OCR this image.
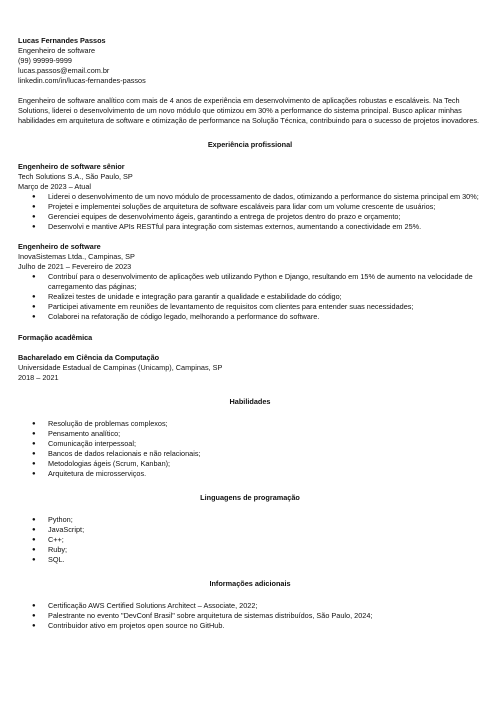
Lucas Fernandes Passos
Engenheiro de software
(99) 99999-9999
lucas.passos@email.com.br
linkedin.com/in/lucas-fernandes-passos
Engenheiro de software analítico com mais de 4 anos de experiência em desenvolvimento de aplicações robustas e escaláveis. Na Tech Solutions, liderei o desenvolvimento de um novo módulo que otimizou em 30% a performance do sistema principal. Busco aplicar minhas habilidades em arquitetura de software e otimização de performance na Solução Técnica, contribuindo para o sucesso de projetos inovadores.
Experiência profissional
Engenheiro de software sênior
Tech Solutions S.A., São Paulo, SP
Março de 2023 – Atual
● Liderei o desenvolvimento de um novo módulo de processamento de dados, otimizando a performance do sistema principal em 30%;
● Projetei e implementei soluções de arquitetura de software escaláveis para lidar com um volume crescente de usuários;
● Gerenciei equipes de desenvolvimento ágeis, garantindo a entrega de projetos dentro do prazo e orçamento;
● Desenvolvi e mantive APIs RESTful para integração com sistemas externos, aumentando a conectividade em 25%.
Engenheiro de software
InovaSistemas Ltda., Campinas, SP
Julho de 2021 – Fevereiro de 2023
● Contribuí para o desenvolvimento de aplicações web utilizando Python e Django, resultando em 15% de aumento na velocidade de carregamento das páginas;
● Realizei testes de unidade e integração para garantir a qualidade e estabilidade do código;
● Participei ativamente em reuniões de levantamento de requisitos com clientes para entender suas necessidades;
● Colaborei na refatoração de código legado, melhorando a performance do software.
Formação acadêmica
Bacharelado em Ciência da Computação
Universidade Estadual de Campinas (Unicamp), Campinas, SP
2018 – 2021
Habilidades
● Resolução de problemas complexos;
● Pensamento analítico;
● Comunicação interpessoal;
● Bancos de dados relacionais e não relacionais;
● Metodologias ágeis (Scrum, Kanban);
● Arquitetura de microsserviços.
Linguagens de programação
● Python;
● JavaScript;
● C++;
● Ruby;
● SQL.
Informações adicionais
● Certificação AWS Certified Solutions Architect – Associate, 2022;
● Palestrante no evento "DevConf Brasil" sobre arquitetura de sistemas distribuídos, São Paulo, 2024;
● Contribuidor ativo em projetos open source no GitHub.
